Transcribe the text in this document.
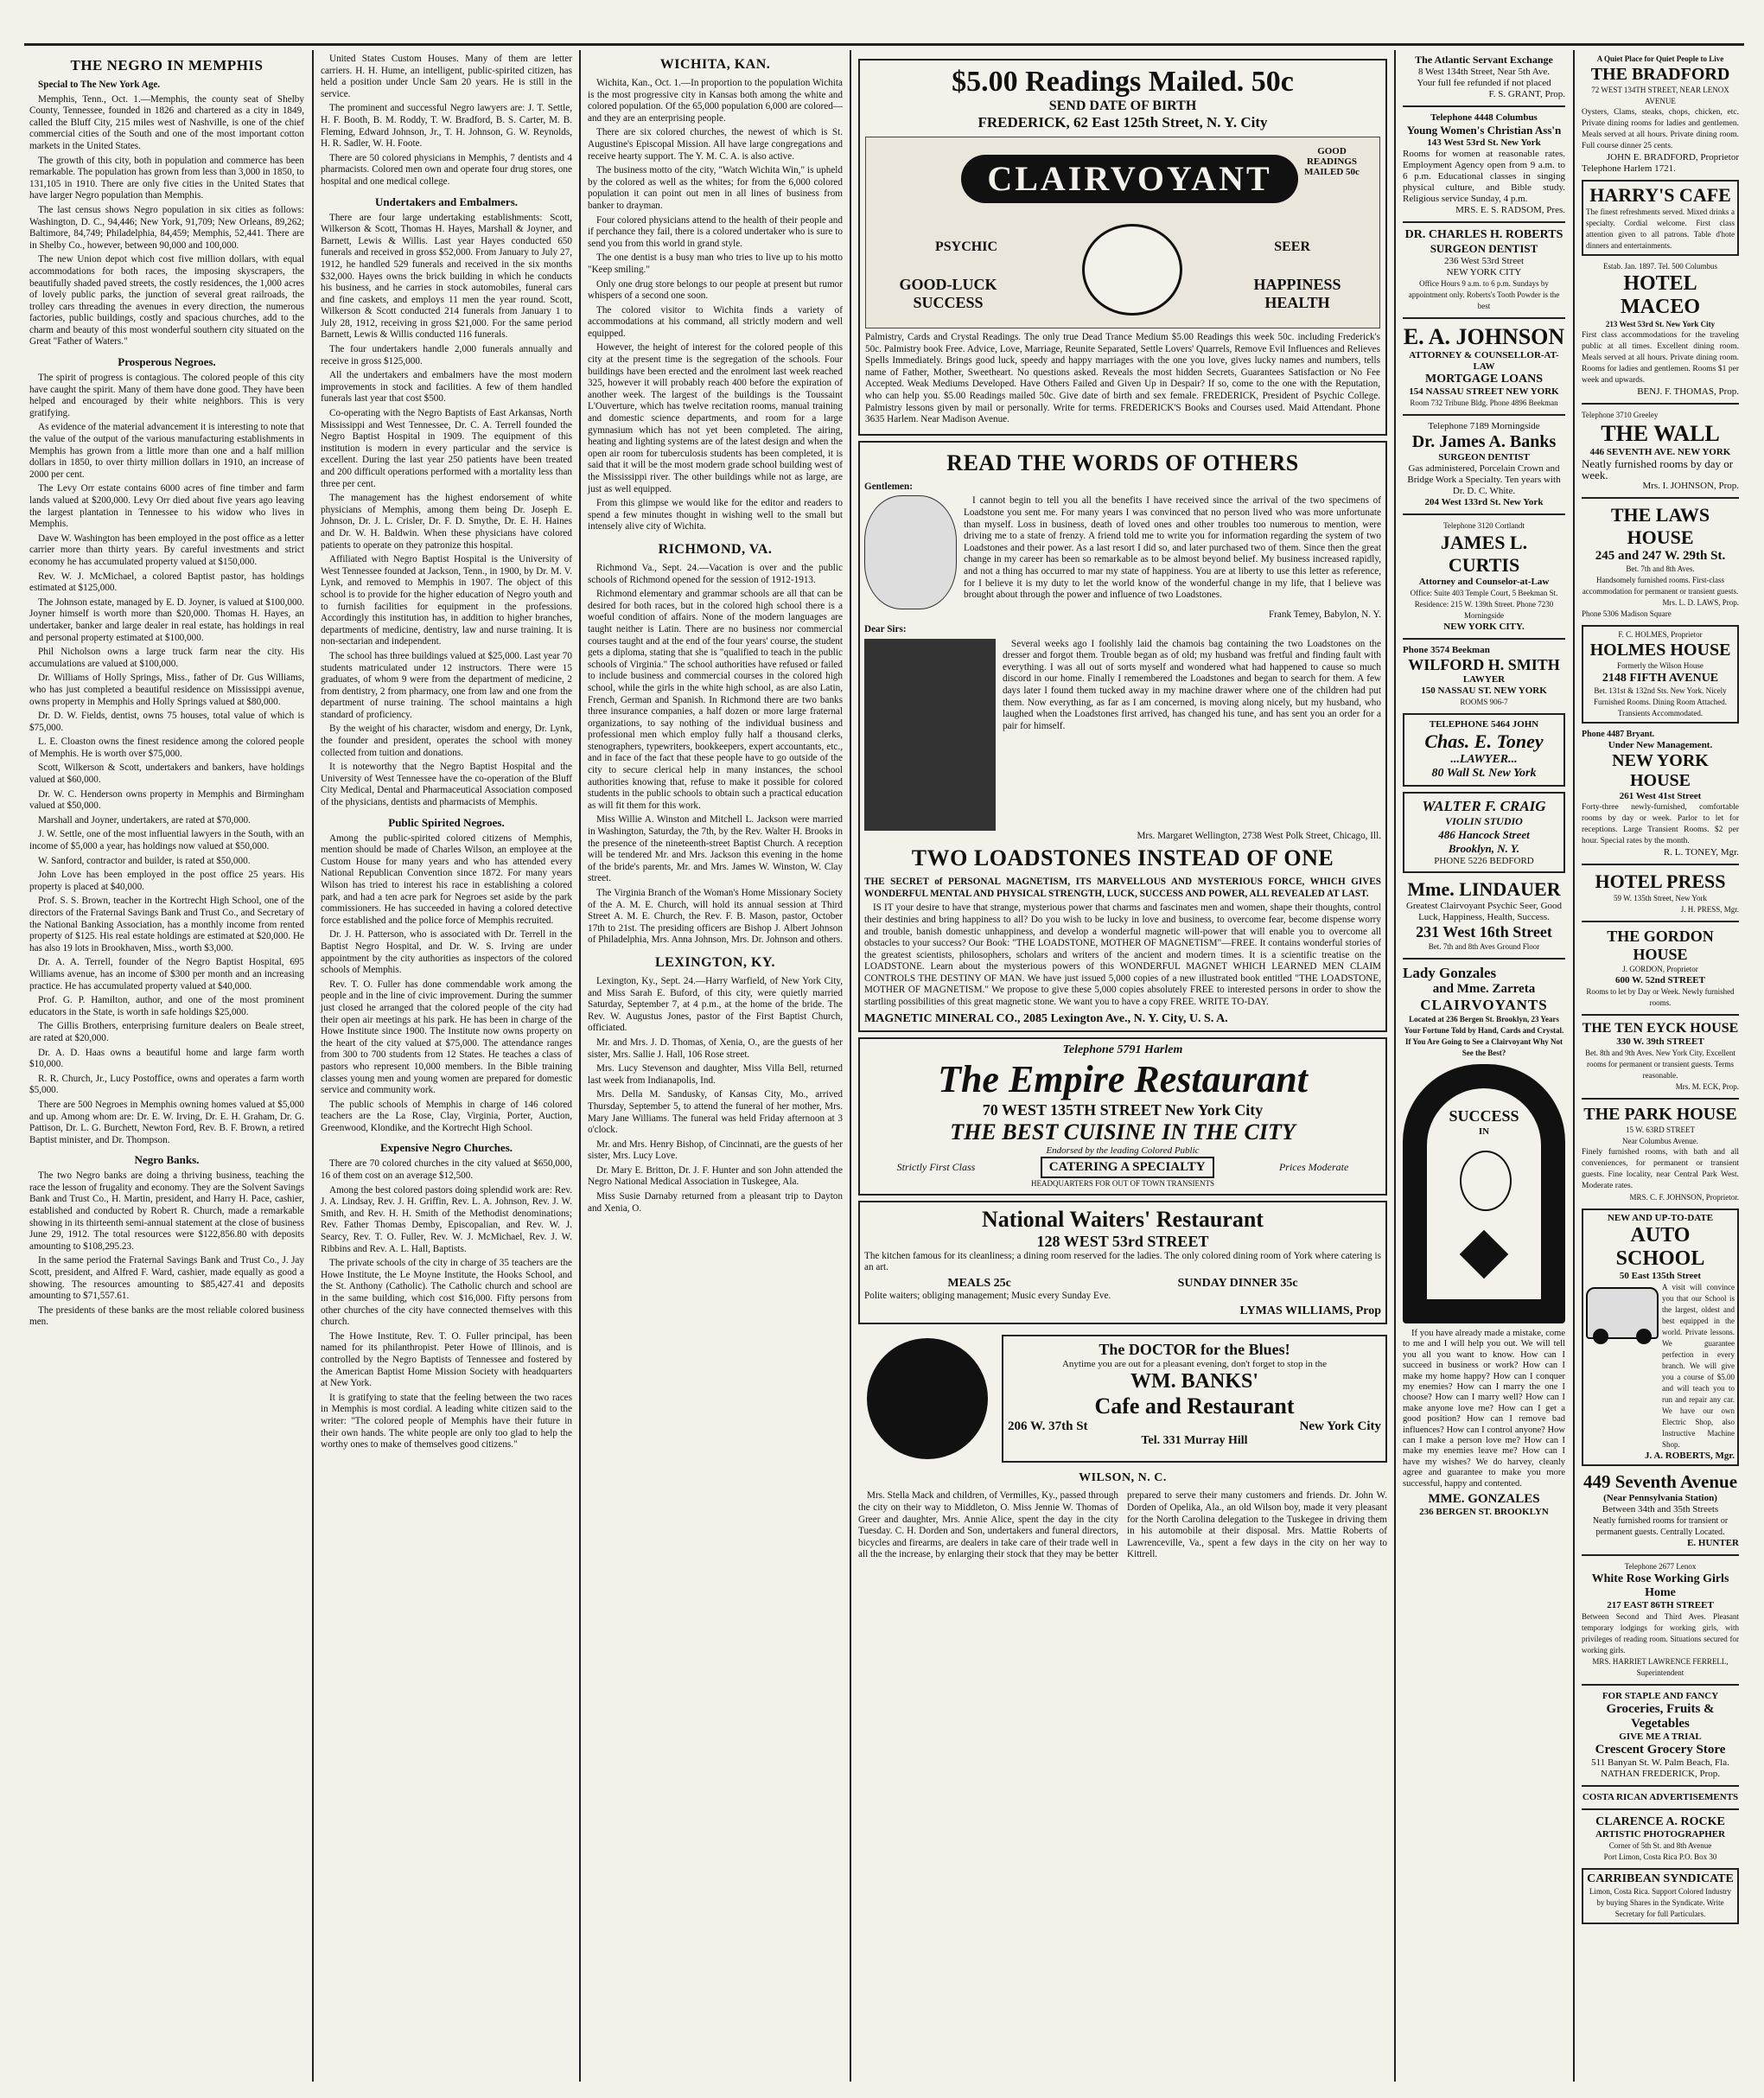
THE NEGRO IN MEMPHIS
Special to The New York Age.
Memphis, Tenn., Oct. 1.—Memphis, the county seat of Shelby County, Tennessee, founded in 1826 and chartered as a city in 1849, called the Bluff City, 215 miles west of Nashville, is one of the chief commercial cities of the South and one of the most important cotton markets in the United States.
The growth of this city, both in population and commerce has been remarkable. The population has grown from less than 3,000 in 1850, to 131,105 in 1910. There are only five cities in the United States that have larger Negro population than Memphis.
The last census shows Negro population in six cities as follows: Washington, D. C., 94,446; New York, 91,709; New Orleans, 89,262; Baltimore, 84,749; Philadelphia, 84,459; Memphis, 52,441. There are in Shelby Co., however, between 90,000 and 100,000.
The new Union depot which cost five million dollars, with equal accommodations for both races, the imposing skyscrapers, the beautifully shaded paved streets, the costly residences, the 1,000 acres of lovely public parks, the junction of several great railroads, the trolley cars threading the avenues in every direction, the numerous factories, public buildings, costly and spacious churches, add to the charm and beauty of this most wonderful southern city situated on the Great "Father of Waters."
Prosperous Negroes.
The spirit of progress is contagious. The colored people of this city have caught the spirit. Many of them have done good. They have been helped and encouraged by their white neighbors. This is very gratifying.
As evidence of the material advancement it is interesting to note that the value of the output of the various manufacturing establishments in Memphis has grown from a little more than one and a half million dollars in 1850, to over thirty million dollars in 1910, an increase of 2000 per cent.
The Levy Orr estate contains 6000 acres of fine timber and farm lands valued at $200,000. Levy Orr died about five years ago leaving the largest plantation in Tennessee to his widow who lives in Memphis.
Dave W. Washington has been employed in the post office as a letter carrier more than thirty years. By careful investments and strict economy he has accumulated property valued at $150,000.
Rev. W. J. McMichael, a colored Baptist pastor, has holdings estimated at $125,000.
The Johnson estate, managed by E. D. Joyner, is valued at $100,000. Joyner himself is worth more than $20,000. Thomas H. Hayes, an undertaker, banker and large dealer in real estate, has holdings in real and personal property estimated at $100,000.
Phil Nicholson owns a large truck farm near the city. His accumulations are valued at $100,000.
Dr. Williams of Holly Springs, Miss., father of Dr. Gus Williams, who has just completed a beautiful residence on Mississippi avenue, owns property in Memphis and Holly Springs valued at $80,000.
Dr. D. W. Fields, dentist, owns 75 houses, total value of which is $75,000.
L. E. Cloaston owns the finest residence among the colored people of Memphis. He is worth over $75,000.
Scott, Wilkerson & Scott, undertakers and bankers, have holdings valued at $60,000.
Dr. W. C. Henderson owns property in Memphis and Birmingham valued at $50,000.
Marshall and Joyner, undertakers, are rated at $70,000.
J. W. Settle, one of the most influential lawyers in the South, with an income of $5,000 a year, has holdings now valued at $50,000.
W. Sanford, contractor and builder, is rated at $50,000.
John Love has been employed in the post office 25 years. His property is placed at $40,000.
Prof. S. S. Brown, teacher in the Kortrecht High School, one of the directors of the Fraternal Savings Bank and Trust Co., and Secretary of the National Banking Association, has a monthly income from rented property of $125. His real estate holdings are estimated at $20,000. He has also 19 lots in Brookhaven, Miss., worth $3,000.
Dr. A. A. Terrell, founder of the Negro Baptist Hospital, 695 Williams avenue, has an income of $300 per month and an increasing practice. He has accumulated property valued at $40,000.
Prof. G. P. Hamilton, author, and one of the most prominent educators in the State, is worth in safe holdings $25,000.
The Gillis Brothers, enterprising furniture dealers on Beale street, are rated at $20,000.
Dr. A. D. Haas owns a beautiful home and large farm worth $10,000.
R. R. Church, Jr., Lucy Postoffice, owns and operates a farm worth $5,000.
There are 500 Negroes in Memphis owning homes valued at $5,000 and up. Among whom are: Dr. E. W. Irving, Dr. E. H. Graham, Dr. G. Pattison, Dr. L. G. Burchett, Newton Ford, Rev. B. F. Brown, a retired Baptist minister, and Dr. Thompson.
Negro Banks.
The two Negro banks are doing a thriving business, teaching the race the lesson of frugality and economy. They are the Solvent Savings Bank and Trust Co., H. Martin, president, and Harry H. Pace, cashier, established and conducted by Robert R. Church, made a remarkable showing in its thirteenth semi-annual statement at the close of business June 29, 1912. The total resources were $122,856.80 with deposits amounting to $108,295.23.
In the same period the Fraternal Savings Bank and Trust Co., J. Jay Scott, president, and Alfred F. Ward, cashier, made equally as good a showing. The resources amounting to $85,427.41 and deposits amounting to $71,557.61.
The presidents of these banks are the most reliable colored business men.
United States Custom Houses. Many of them are letter carriers. H. H. Hume, an intelligent, public-spirited citizen, has held a position under Uncle Sam 20 years. He is still in the service.
The prominent and successful Negro lawyers are: J. T. Settle, H. F. Booth, B. M. Roddy, T. W. Bradford, B. S. Carter, M. B. Fleming, Edward Johnson, Jr., T. H. Johnson, G. W. Reynolds, H. R. Sadler, W. H. Foote.
There are 50 colored physicians in Memphis, 7 dentists and 4 pharmacists. Colored men own and operate four drug stores, one hospital and one medical college.
Undertakers and Embalmers.
There are four large undertaking establishments: Scott, Wilkerson & Scott, Thomas H. Hayes, Marshall & Joyner, and Barnett, Lewis & Willis. Last year Hayes conducted 650 funerals and received in gross $52,000. From January to July 27, 1912, he handled 529 funerals and received in the six months $32,000. Hayes owns the brick building in which he conducts his business, and he carries in stock automobiles, funeral cars and fine caskets, and employs 11 men the year round. Scott, Wilkerson & Scott conducted 214 funerals from January 1 to July 28, 1912, receiving in gross $21,000. For the same period Barnett, Lewis & Willis conducted 116 funerals.
The four undertakers handle 2,000 funerals annually and receive in gross $125,000.
All the undertakers and embalmers have the most modern improvements in stock and facilities. A few of them handled funerals last year that cost $500.
Co-operating with the Negro Baptists of East Arkansas, North Mississippi and West Tennessee, Dr. C. A. Terrell founded the Negro Baptist Hospital in 1909. The equipment of this institution is modern in every particular and the service is excellent. During the last year 250 patients have been treated and 200 difficult operations performed with a mortality less than three per cent.
The management has the highest endorsement of white physicians of Memphis, among them being Dr. Joseph E. Johnson, Dr. J. L. Crisler, Dr. F. D. Smythe, Dr. E. H. Haines and Dr. W. H. Baldwin. When these physicians have colored patients to operate on they patronize this hospital.
Affiliated with Negro Baptist Hospital is the University of West Tennessee founded at Jackson, Tenn., in 1900, by Dr. M. V. Lynk, and removed to Memphis in 1907. The object of this school is to provide for the higher education of Negro youth and to furnish facilities for equipment in the professions. Accordingly this institution has, in addition to higher branches, departments of medicine, dentistry, law and nurse training. It is non-sectarian and independent.
The school has three buildings valued at $25,000. Last year 70 students matriculated under 12 instructors. There were 15 graduates, of whom 9 were from the department of medicine, 2 from dentistry, 2 from pharmacy, one from law and one from the department of nurse training. The school maintains a high standard of proficiency.
By the weight of his character, wisdom and energy, Dr. Lynk, the founder and president, operates the school with money collected from tuition and donations.
It is noteworthy that the Negro Baptist Hospital and the University of West Tennessee have the co-operation of the Bluff City Medical, Dental and Pharmaceutical Association composed of the physicians, dentists and pharmacists of Memphis.
Public Spirited Negroes.
Among the public-spirited colored citizens of Memphis, mention should be made of Charles Wilson, an employee at the Custom House for many years and who has attended every National Republican Convention since 1872. For many years Wilson has tried to interest his race in establishing a colored park, and had a ten acre park for Negroes set aside by the park commissioners. He has succeeded in having a colored detective force established and the police force of Memphis recruited.
Dr. J. H. Patterson, who is associated with Dr. Terrell in the Baptist Negro Hospital, and Dr. W. S. Irving are under appointment by the city authorities as inspectors of the colored schools of Memphis.
Rev. T. O. Fuller has done commendable work among the people and in the line of civic improvement. During the summer just closed he arranged that the colored people of the city had their open air meetings at his park. He has been in charge of the Howe Institute since 1900. The Institute now owns property on the heart of the city valued at $75,000. The attendance ranges from 300 to 700 students from 12 States. He teaches a class of pastors who represent 10,000 members. In the Bible training classes young men and young women are prepared for domestic service and community work.
The public schools of Memphis in charge of 146 colored teachers are the La Rose, Clay, Virginia, Porter, Auction, Greenwood, Klondike, and the Kortrecht High School.
Expensive Negro Churches.
There are 70 colored churches in the city valued at $650,000, 16 of them cost on an average $12,500.
Among the best colored pastors doing splendid work are: Rev. J. A. Lindsay, Rev. J. H. Griffin, Rev. L. A. Johnson, Rev. J. W. Smith, and Rev. H. H. Smith of the Methodist denominations; Rev. Father Thomas Demby, Episcopalian, and Rev. W. J. Searcy, Rev. T. O. Fuller, Rev. W. J. McMichael, Rev. J. W. Ribbins and Rev. A. L. Hall, Baptists.
The private schools of the city in charge of 35 teachers are the Howe Institute, the Le Moyne Institute, the Hooks School, and the St. Anthony (Catholic). The Catholic church and school are in the same building, which cost $16,000. Fifty persons from other churches of the city have connected themselves with this church.
The Howe Institute, Rev. T. O. Fuller principal, has been named for its philanthropist. Peter Howe of Illinois, and is controlled by the Negro Baptists of Tennessee and fostered by the American Baptist Home Mission Society with headquarters at New York.
It is gratifying to state that the feeling between the two races in Memphis is most cordial. A leading white citizen said to the writer: "The colored people of Memphis have their future in their own hands. The white people are only too glad to help the worthy ones to make of themselves good citizens."
WICHITA, KAN.
Wichita, Kan., Oct. 1.—In proportion to the population Wichita is the most progressive city in Kansas both among the white and colored population. Of the 65,000 population 6,000 are colored—and they are an enterprising people.
There are six colored churches, the newest of which is St. Augustine's Episcopal Mission. All have large congregations and receive hearty support. The Y. M. C. A. is also active.
The business motto of the city, "Watch Wichita Win," is upheld by the colored as well as the whites; for from the 6,000 colored population it can point out men in all lines of business from banker to drayman.
Four colored physicians attend to the health of their people and if perchance they fail, there is a colored undertaker who is sure to send you from this world in grand style.
The one dentist is a busy man who tries to live up to his motto "Keep smiling."
Only one drug store belongs to our people at present but rumor whispers of a second one soon.
The colored visitor to Wichita finds a variety of accommodations at his command, all strictly modern and well equipped.
However, the height of interest for the colored people of this city at the present time is the segregation of the schools. Four buildings have been erected and the enrolment last week reached 325, however it will probably reach 400 before the expiration of another week. The largest of the buildings is the Toussaint L'Ouverture, which has twelve recitation rooms, manual training and domestic science departments, and room for a large gymnasium which has not yet been completed. The airing, heating and lighting systems are of the latest design and when the open air room for tuberculosis students has been completed, it is said that it will be the most modern grade school building west of the Mississippi river. The other buildings while not as large, are just as well equipped.
From this glimpse we would like for the editor and readers to spend a few minutes thought in wishing well to the small but intensely alive city of Wichita.
RICHMOND, VA.
Richmond Va., Sept. 24.—Vacation is over and the public schools of Richmond opened for the session of 1912-1913.
Richmond elementary and grammar schools are all that can be desired for both races, but in the colored high school there is a woeful condition of affairs. None of the modern languages are taught neither is Latin. There are no business nor commercial courses taught and at the end of the four years' course, the student gets a diploma, stating that she is "qualified to teach in the public schools of Virginia." The school authorities have refused or failed to include business and commercial courses in the colored high school, while the girls in the white high school, as are also Latin, French, German and Spanish. In Richmond there are two banks three insurance companies, a half dozen or more large fraternal organizations, to say nothing of the individual business and professional men which employ fully half a thousand clerks, stenographers, typewriters, bookkeepers, expert accountants, etc., and in face of the fact that these people have to go outside of the city to secure clerical help in many instances, the school authorities knowing that, refuse to make it possible for colored students in the public schools to obtain such a practical education as will fit them for this work.
Miss Willie A. Winston and Mitchell L. Jackson were married in Washington, Saturday, the 7th, by the Rev. Walter H. Brooks in the presence of the nineteenth-street Baptist Church. A reception will be tendered Mr. and Mrs. Jackson this evening in the home of the bride's parents, Mr. and Mrs. James W. Winston, W. Clay street.
The Virginia Branch of the Woman's Home Missionary Society of the A. M. E. Church, will hold its annual session at Third Street A. M. E. Church, the Rev. F. B. Mason, pastor, October 17th to 21st. The presiding officers are Bishop J. Albert Johnson of Philadelphia, Mrs. Anna Johnson, Mrs. Dr. Johnson and others.
LEXINGTON, KY.
Lexington, Ky., Sept. 24.—Harry Warfield, of New York City, and Miss Sarah E. Buford, of this city, were quietly married Saturday, September 7, at 4 p.m., at the home of the bride. The Rev. W. Augustus Jones, pastor of the First Baptist Church, officiated.
Mr. and Mrs. J. D. Thomas, of Xenia, O., are the guests of her sister, Mrs. Sallie J. Hall, 106 Rose street.
Mrs. Lucy Stevenson and daughter, Miss Villa Bell, returned last week from Indianapolis, Ind.
Mrs. Della M. Sandusky, of Kansas City, Mo., arrived Thursday, September 5, to attend the funeral of her mother, Mrs. Mary Jane Williams. The funeral was held Friday afternoon at 3 o'clock.
Mr. and Mrs. Henry Bishop, of Cincinnati, are the guests of her sister, Mrs. Lucy Love.
Dr. Mary E. Britton, Dr. J. F. Hunter and son John attended the Negro National Medical Association in Tuskegee, Ala.
Miss Susie Darnaby returned from a pleasant trip to Dayton and Xenia, O.
$5.00 Readings Mailed. 50c
SEND DATE OF BIRTH
FREDERICK, 62 East 125th Street, N. Y. City
CLAIRVOYANT
PSYCHIC	SEER
GOOD-LUCK SUCCESS
HAPPINESS HEALTH
GOOD READINGS MAILED 50c
Palmistry, Cards and Crystal Readings. The only true Dead Trance Medium $5.00 Readings this week 50c. including Frederick's 50c. Palmistry book Free. Advice, Love, Marriage, Reunite Separated, Settle Lovers' Quarrels, Remove Evil Influences and Relieves Spells Immediately. Brings good luck, speedy and happy marriages with the one you love, gives lucky names and numbers, tells name of Father, Mother, Sweetheart. No questions asked. Reveals the most hidden Secrets, Guarantees Satisfaction or No Fee Accepted. Weak Mediums Developed. Have Others Failed and Given Up in Despair? If so, come to the one with the Reputation, who can help you. $5.00 Readings mailed 50c. Give date of birth and sex female. FREDERICK, President of Psychic College. Palmistry lessons given by mail or personally. Write for terms. FREDERICK'S Books and Courses used. Maid Attendant. Phone 3635 Harlem. Near Madison Avenue.
READ THE WORDS OF OTHERS
Gentlemen:
I cannot begin to tell you all the benefits I have received since the arrival of the two specimens of Loadstone you sent me. For many years I was convinced that no person lived who was more unfortunate than myself. Loss in business, death of loved ones and other troubles too numerous to mention, were driving me to a state of frenzy. A friend told me to write you for information regarding the system of two Loadstones and their power. As a last resort I did so, and later purchased two of them. Since then the great change in my career has been so remarkable as to be almost beyond belief. My business increased rapidly, and not a thing has occurred to mar my state of happiness. You are at liberty to use this letter as reference, for I believe it is my duty to let the world know of the wonderful change in my life, that I believe was brought about through the power and influence of two Loadstones.
Frank Temey, Babylon, N. Y.
Dear Sirs:
Several weeks ago I foolishly laid the chamois bag containing the two Loadstones on the dresser and forgot them. Trouble began as of old; my husband was fretful and finding fault with everything. I was all out of sorts myself and wondered what had happened to cause so much discord in our home. Finally I remembered the Loadstones and began to search for them. A few days later I found them tucked away in my machine drawer where one of the children had put them. Now everything, as far as I am concerned, is moving along nicely, but my husband, who laughed when the Loadstones first arrived, has changed his tune, and has sent you an order for a pair for himself.
Mrs. Margaret Wellington, 2738 West Polk Street, Chicago, Ill.
TWO LOADSTONES INSTEAD OF ONE
THE SECRET of PERSONAL MAGNETISM, ITS MARVELLOUS AND MYSTERIOUS FORCE, WHICH GIVES WONDERFUL MENTAL AND PHYSICAL STRENGTH, LUCK, SUCCESS AND POWER, ALL REVEALED AT LAST.
IS IT your desire to have that strange, mysterious power that charms and fascinates men and women, shape their thoughts, control their destinies and bring happiness to all? Do you wish to be lucky in love and business, to overcome fear, become dispense worry and trouble, banish domestic unhappiness, and develop a wonderful magnetic will-power that will enable you to overcome all obstacles to your success? Our Book: "THE LOADSTONE, MOTHER OF MAGNETISM"—FREE. It contains wonderful stories of the greatest scientists, philosophers, scholars and writers of the ancient and modern times. It is a scientific treatise on the LOADSTONE. Learn about the mysterious powers of this WONDERFUL MAGNET WHICH LEARNED MEN CLAIM CONTROLS THE DESTINY OF MAN. We have just issued 5,000 copies of a new illustrated book entitled "THE LOADSTONE, MOTHER OF MAGNETISM." We propose to give these 5,000 copies absolutely FREE to interested persons in order to show the startling possibilities of this great magnetic stone. We want you to have a copy FREE. WRITE TO-DAY.
MAGNETIC MINERAL CO., 2085 Lexington Ave., N. Y. City, U. S. A.
Telephone 5791 Harlem
The Empire Restaurant
70 WEST 135TH STREET New York City
THE BEST CUISINE IN THE CITY
Endorsed by the leading Colored Public
Strictly First Class	CATERING A SPECIALTY	Prices Moderate
HEADQUARTERS FOR OUT OF TOWN TRANSIENTS
National Waiters' Restaurant
128 WEST 53rd STREET
The kitchen famous for its cleanliness; a dining room reserved for the ladies. The only colored dining room of York where catering is an art.
MEALS 25c	SUNDAY DINNER 35c
Polite waiters; obliging management; Music every Sunday Eve.
LYMAS WILLIAMS, Prop
The DOCTOR for the Blues!
Anytime you are out for a pleasant evening, don't forget to stop in the
WM. BANKS'
Cafe and Restaurant
206 W. 37th St	New York City
Tel. 331 Murray Hill
WILSON, N. C.
Mrs. Stella Mack and children, of Vermilles, Ky., passed through the city on their way to Middleton, O. Miss Jennie W. Thomas of Greer and daughter, Mrs. Annie Alice, spent the day in the city Tuesday. C. H. Dorden and Son, undertakers and funeral directors, bicycles and firearms, are dealers in take care of their trade well in all the the increase, by enlarging their stock that they may be better prepared to serve their many customers and friends. Dr. John W. Dorden of Opelika, Ala., an old Wilson boy, made it very pleasant for the North Carolina delegation to the Tuskegee in driving them in his automobile at their disposal. Mrs. Mattie Roberts of Lawrenceville, Va., spent a few days in the city on her way to Kittrell.
The Atlantic Servant Exchange
8 West 134th Street, Near 5th Ave.
Your full fee refunded if not placed
F. S. GRANT, Prop.
Telephone 4448 Columbus
Young Women's Christian Ass'n
143 West 53rd St. New York
Rooms for women at reasonable rates. Employment Agency open from 9 a.m. to 6 p.m. Educational classes in singing physical culture, and Bible study. Religious service Sunday, 4 p.m.
MRS. E. S. RADSOM, Pres.
DR. CHARLES H. ROBERTS
SURGEON DENTIST
236 West 53rd Street
NEW YORK CITY
Office Hours 9 a.m. to 6 p.m. Sundays by appointment only. Roberts's Tooth Powder is the best
E. A. JOHNSON
ATTORNEY & COUNSELLOR-AT-LAW
MORTGAGE LOANS
154 NASSAU STREET NEW YORK
Room 732 Tribune Bldg. Phone 4896 Beekman
Telephone 7189 Morningside
Dr. James A. Banks
SURGEON DENTIST
Gas administered, Porcelain Crown and Bridge Work a Specialty. Ten years with Dr. D. C. White.
204 West 133rd St. New York
Telephone 3120 Cortlandt
JAMES L. CURTIS
Attorney and Counselor-at-Law
Office: Suite 403 Temple Court, 5 Beekman St. Residence: 215 W. 139th Street. Phone 7230 Morningside
NEW YORK CITY.
Phone 3574 Beekman
WILFORD H. SMITH
LAWYER
150 NASSAU ST. NEW YORK
ROOMS 906-7
TELEPHONE 5464 JOHN
Chas. E. Toney
...LAWYER...
80 Wall St. New York
WALTER F. CRAIG
VIOLIN STUDIO
486 Hancock Street
Brooklyn, N. Y.
PHONE 5226 BEDFORD
Mme. LINDAUER
Greatest Clairvoyant Psychic Seer, Good Luck, Happiness, Health, Success.
231 West 16th Street
Bet. 7th and 8th Aves Ground Floor
Lady Gonzales
and Mme. Zarreta
CLAIRVOYANTS
Located at 236 Bergen St. Brooklyn, 23 Years
Your Fortune Told by Hand, Cards and Crystal. If You Are Going to See a Clairvoyant Why Not See the Best?
SUCCESS
IN
LOVE
If you have already made a mistake, come to me and I will help you out. We will tell you all you want to know. How can I succeed in business or work? How can I make my home happy? How can I conquer my enemies? How can I marry the one I choose? How can I marry well? How can I make anyone love me? How can I get a good position? How can I remove bad influences? How can I control anyone? How can I make a person love me? How can I make my enemies leave me? How can I have my wishes? We do harvey, cleanly agree and guarantee to make you more successful, happy and contented.
MME. GONZALES
236 BERGEN ST. BROOKLYN
A Quiet Place for Quiet People to Live
THE BRADFORD
72 WEST 134TH STREET, NEAR LENOX AVENUE
Oysters, Clams, steaks, chops, chicken, etc. Private dining rooms for ladies and gentlemen. Meals served at all hours. Private dining room. Full course dinner 25 cents.
JOHN E. BRADFORD, Proprietor
Telephone Harlem 1721.
HARRY'S CAFE
The finest refreshments served. Mixed drinks a specialty. Cordial welcome. First class attention given to all patrons. Table d'hote dinners and entertainments.
Estab. Jan. 1897. Tel. 500 Columbus
HOTEL MACEO
213 West 53rd St. New York City
First class accommodations for the traveling public at all times. Excellent dining room. Meals served at all hours. Private dining room. Rooms for ladies and gentlemen. Rooms $1 per week and upwards.
BENJ. F. THOMAS, Prop.
Telephone 3710 Greeley
THE WALL
446 SEVENTH AVE. NEW YORK
Neatly furnished rooms by day or week.
Mrs. I. JOHNSON, Prop.
THE LAWS HOUSE
245 and 247 W. 29th St.
Bet. 7th and 8th Aves.
Handsomely furnished rooms. First-class accommodation for permanent or transient guests.
Mrs. L. D. LAWS, Prop.
Phone 5306 Madison Square
F. C. HOLMES, Proprietor
HOLMES HOUSE
Formerly the Wilson House
2148 FIFTH AVENUE
Bet. 131st & 132nd Sts. New York. Nicely Furnished Rooms. Dining Room Attached. Transients Accommodated.
Phone 4487 Bryant.
Under New Management.
NEW YORK HOUSE
261 West 41st Street
Forty-three newly-furnished, comfortable rooms by day or week. Parlor to let for receptions. Large Transient Rooms. $2 per hour. Special rates by the month.
R. L. TONEY, Mgr.
HOTEL PRESS
59 W. 135th Street, New York
J. H. PRESS, Mgr.
THE GORDON HOUSE
J. GORDON, Proprietor
600 W. 52nd STREET
Rooms to let by Day or Week. Newly furnished rooms.
THE TEN EYCK HOUSE
330 W. 39th STREET
Bet. 8th and 9th Aves. New York City. Excellent rooms for permanent or transient guests. Terms reasonable.
Mrs. M. ECK, Prop.
THE PARK HOUSE
15 W. 63RD STREET
Near Columbus Avenue.
Finely furnished rooms, with bath and all conveniences, for permanent or transient guests. Fine locality, near Central Park West. Moderate rates.
MRS. C. F. JOHNSON, Proprietor.
NEW AND UP-TO-DATE
AUTO SCHOOL
50 East 135th Street
A visit will convince you that our School is the largest, oldest and best equipped in the world. Private lessons. We guarantee perfection in every branch. We will give you a course of $5.00 and will teach you to run and repair any car. We have our own Electric Shop, also Instructive Machine Shop.
J. A. ROBERTS, Mgr.
449 Seventh Avenue
(Near Pennsylvania Station)
Between 34th and 35th Streets
Neatly furnished rooms for transient or permanent guests. Centrally Located.
E. HUNTER
Telephone 2677 Lenox
White Rose Working Girls Home
217 EAST 86TH STREET
Between Second and Third Aves. Pleasant temporary lodgings for working girls, with privileges of reading room. Situations secured for working girls.
MRS. HARRIET LAWRENCE FERRELL, Superintendent
FOR STAPLE AND FANCY
Groceries, Fruits & Vegetables
GIVE ME A TRIAL
Crescent Grocery Store
511 Banyan St. W. Palm Beach, Fla.
NATHAN FREDERICK, Prop.
COSTA RICAN ADVERTISEMENTS
CLARENCE A. ROCKE
ARTISTIC PHOTOGRAPHER
Corner of 5th St. and 8th Avenue
Port Limon, Costa Rica P.O. Box 30
CARRIBEAN SYNDICATE
Limon, Costa Rica. Support Colored Industry by buying Shares in the Syndicate. Write Secretary for full Particulars.
